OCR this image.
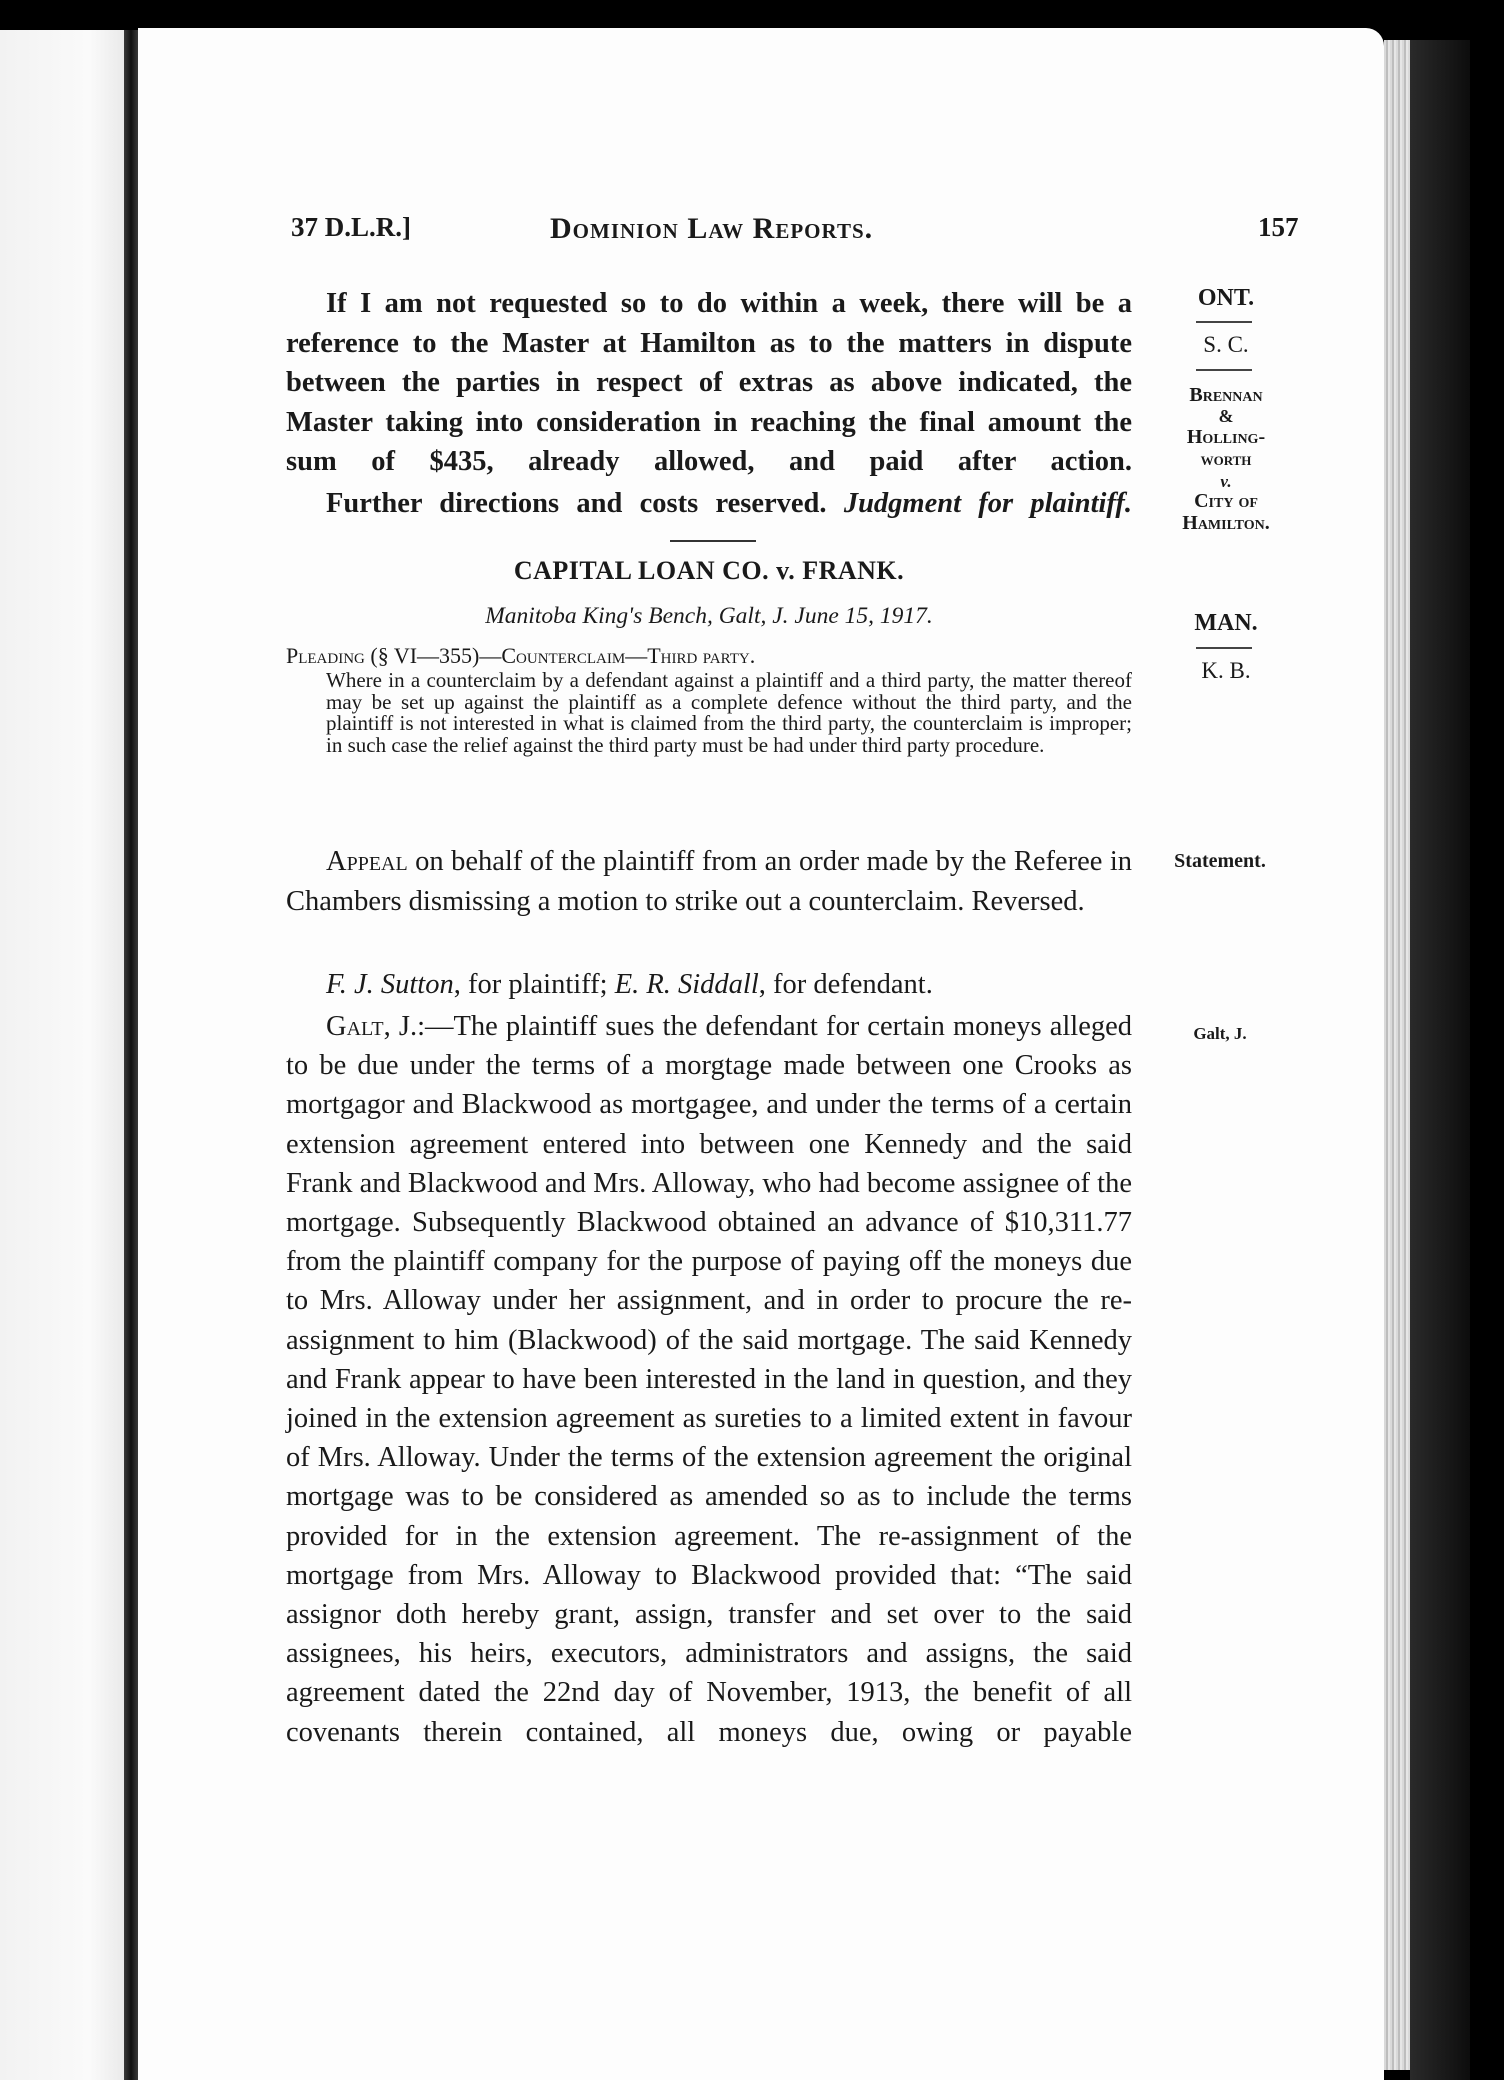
37 D.L.R.]	Dominion Law Reports.	157

If I am not requested so to do within a week, there will be a reference to the Master at Hamilton as to the matters in dispute between the parties in respect of extras as above indicated, the Master taking into consideration in reaching the final amount the sum of $435, already allowed, and paid after action.

Further directions and costs reserved. Judgment for plaintiff.

ONT.
S. C.
Brennan
&
Holling-
worth
v.
City of
Hamilton.
CAPITAL LOAN CO. v. FRANK.
Manitoba King's Bench, Galt, J. June 15, 1917.
Pleading (§ VI—355)—Counterclaim—Third party.

Where in a counterclaim by a defendant against a plaintiff and a third party, the matter thereof may be set up against the plaintiff as a complete defence without the third party, and the plaintiff is not interested in what is claimed from the third party, the counterclaim is improper; in such case the relief against the third party must be had under third party procedure.

MAN.
K. B.
Statement.
Galt, J.

Appeal on behalf of the plaintiff from an order made by the Referee in Chambers dismissing a motion to strike out a counterclaim. Reversed.

F. J. Sutton, for plaintiff; E. R. Siddall, for defendant.

Galt, J.:—The plaintiff sues the defendant for certain moneys alleged to be due under the terms of a morgtage made between one Crooks as mortgagor and Blackwood as mortgagee, and under the terms of a certain extension agreement entered into between one Kennedy and the said Frank and Blackwood and Mrs. Alloway, who had become assignee of the mortgage. Subsequently Blackwood obtained an advance of $10,311.77 from the plaintiff company for the purpose of paying off the moneys due to Mrs. Alloway under her assignment, and in order to procure the re-assignment to him (Blackwood) of the said mortgage. The said Kennedy and Frank appear to have been interested in the land in question, and they joined in the extension agreement as sureties to a limited extent in favour of Mrs. Alloway. Under the terms of the extension agreement the original mortgage was to be considered as amended so as to include the terms provided for in the extension agreement. The re-assignment of the mortgage from Mrs. Alloway to Blackwood provided that: “The said assignor doth hereby grant, assign, transfer and set over to the said assignees, his heirs, executors, administrators and assigns, the said agreement dated the 22nd day of November, 1913, the benefit of all covenants therein contained, all moneys due, owing or payable
